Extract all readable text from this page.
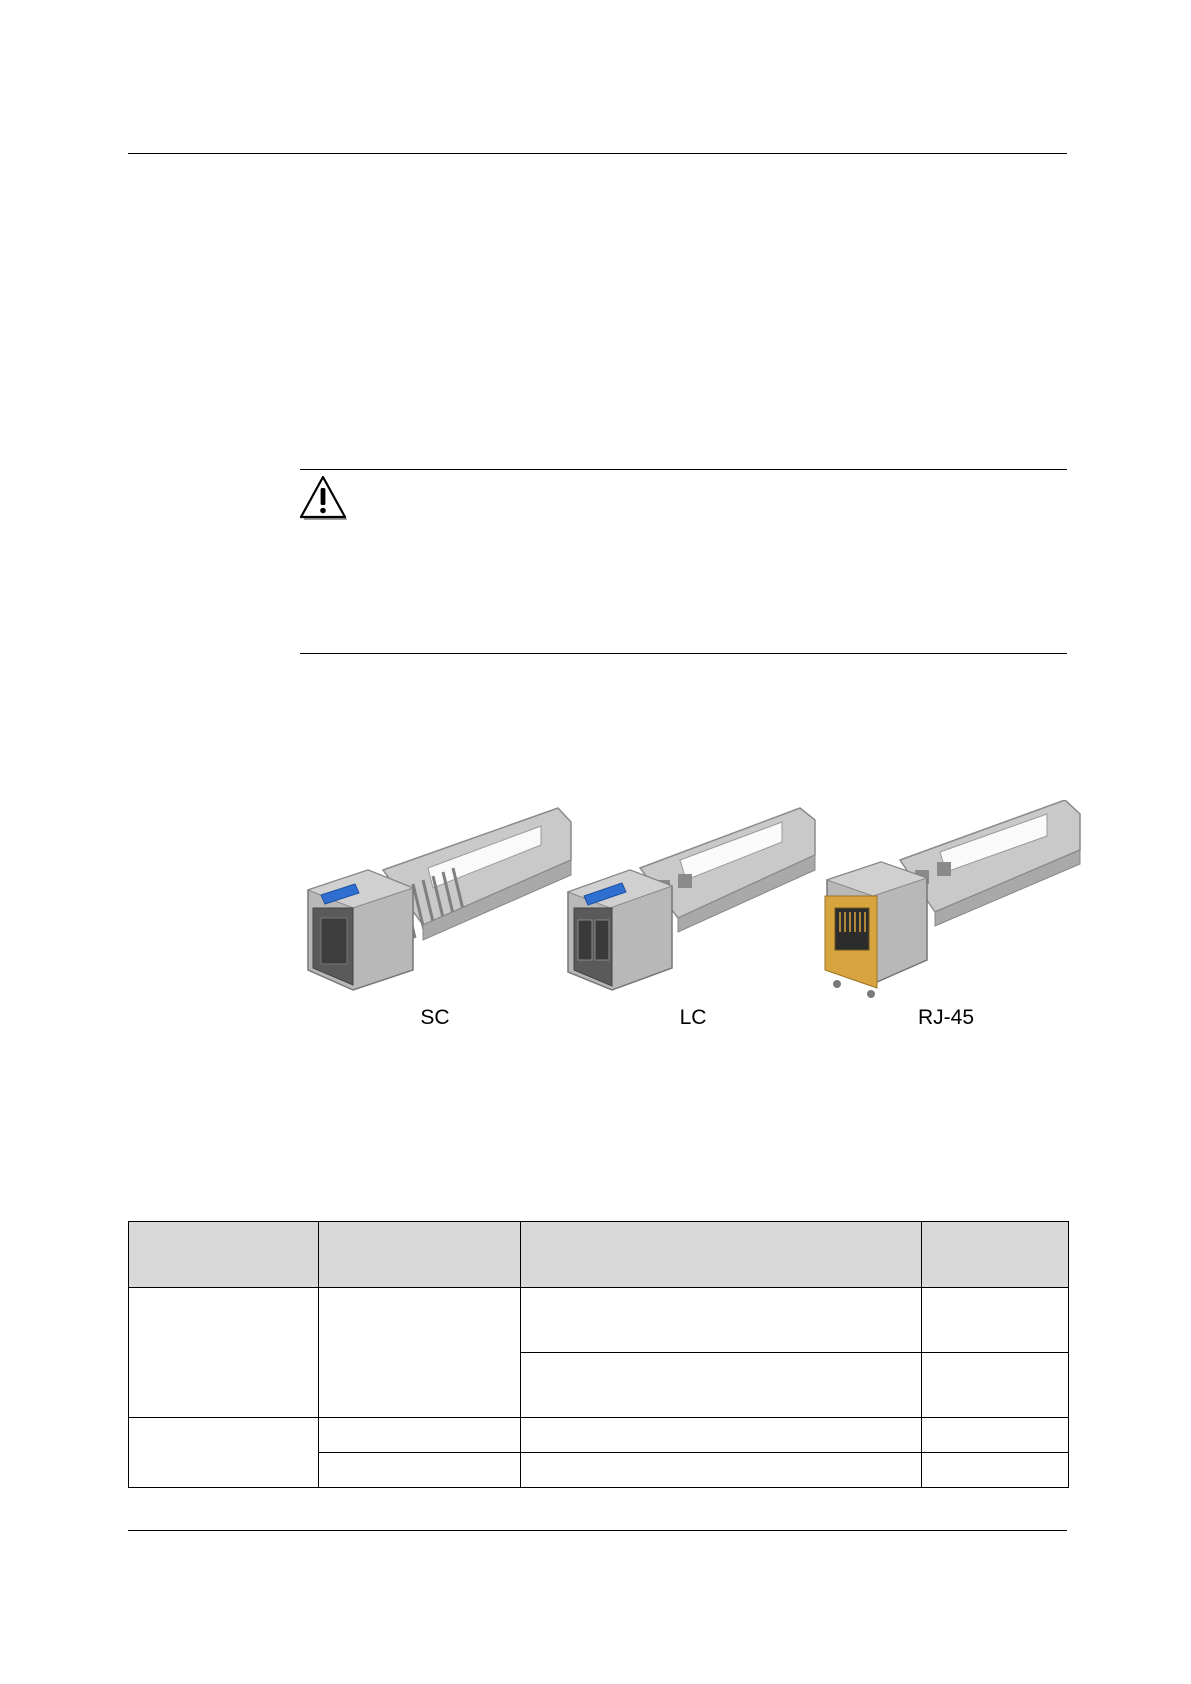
SC	LC	RJ-45
